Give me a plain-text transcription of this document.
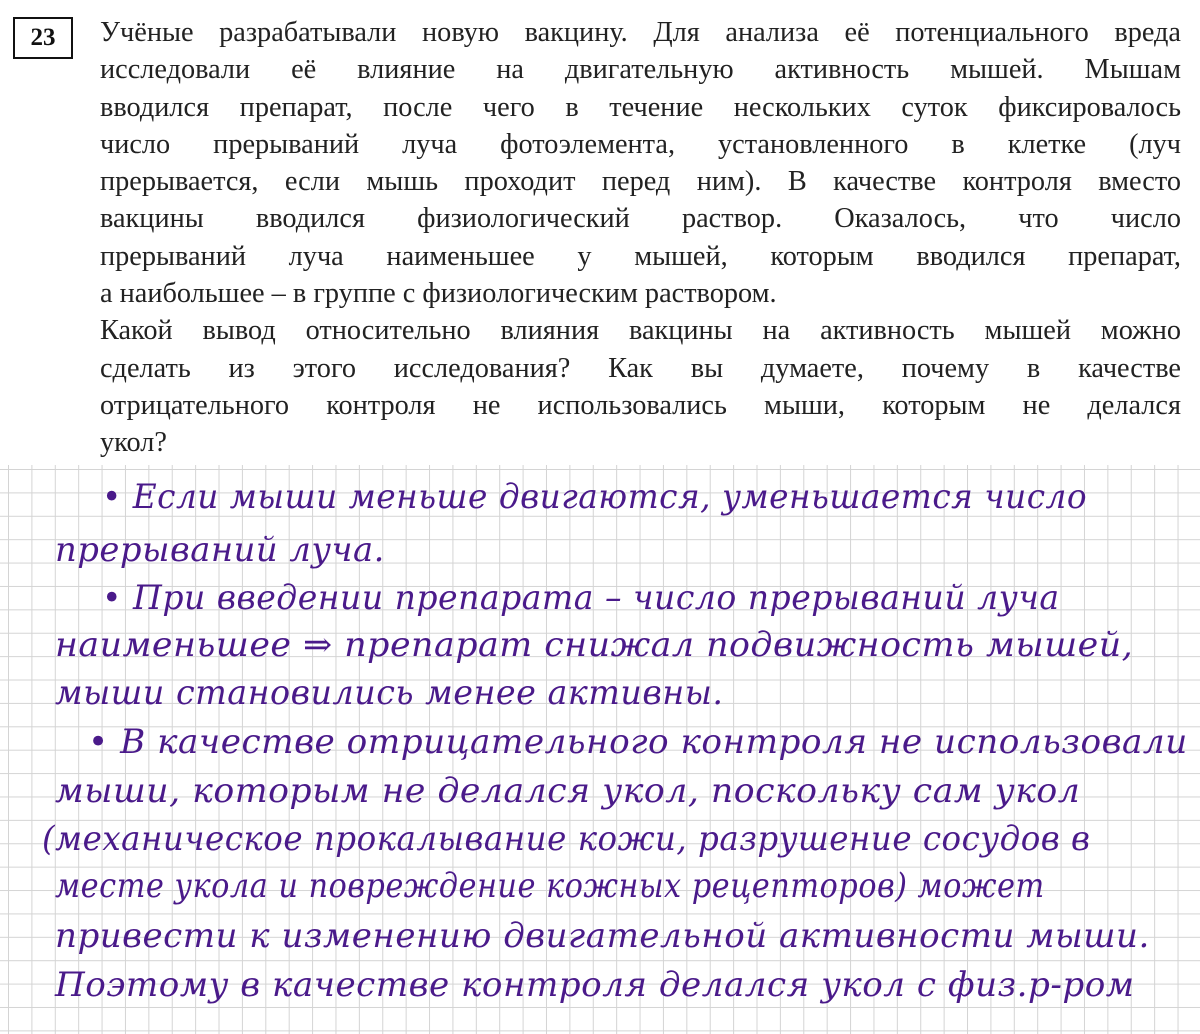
23	Учёные разрабатывали новую вакцину. Для анализа её потенциального вреда
исследовали её влияние на двигательную активность мышей. Мышам
вводился препарат, после чего в течение нескольких суток фиксировалось
число прерываний луча фотоэлемента, установленного в клетке (луч
прерывается, если мышь проходит перед ним). В качестве контроля вместо
вакцины вводился физиологический раствор. Оказалось, что число
прерываний луча наименьшее у мышей, которым вводился препарат,
а наибольшее – в группе с физиологическим раствором.
Какой вывод относительно влияния вакцины на активность мышей можно
сделать из этого исследования? Как вы думаете, почему в качестве
отрицательного контроля не использовались мыши, которым не делался
укол?
• Если мыши меньше двигаются, уменьшается число
прерываний луча.
• При введении препарата – число прерываний луча
наименьшее ⇒ препарат снижал подвижность мышей,
мыши становились менее активны.
• В качестве отрицательного контроля не использовали
мыши, которым не делался укол, поскольку сам укол
(механическое прокалывание кожи, разрушение сосудов в
месте укола и повреждение кожных рецепторов) может
привести к изменению двигательной активности мыши.
Поэтому в качестве контроля делался укол с физ.р-ром
